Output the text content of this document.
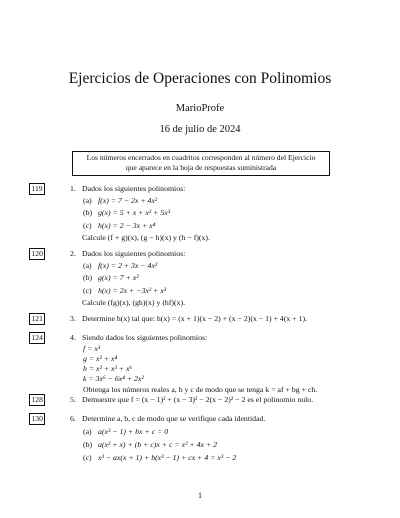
Ejercicios de Operaciones con Polinomios
MarioProfe
16 de julio de 2024
Los números encerrados en cuadritos corresponden al número del Ejercicio
que aparece en la hoja de respuestas suministrada
119	1. Dados los siguientes polinomios:
(a) f(x) = 7 − 2x + 4x²
(b) g(x) = 5 + x + x² + 5x³
(c) h(x) = 2 − 3x + x⁴
Calcule (f + g)(x), (g − h)(x) y (h − f)(x).
120	2. Dados los siguientes polinomios:
(a) f(x) = 2 + 3x − 4x²
(b) g(x) = 7 + x²
(c) h(x) = 2x + −3x² + x³
Calcule (fg)(x), (gh)(x) y (hf)(x).
121	3. Determine h(x) tal que: h(x) = (x + 1)(x − 2) + (x − 2)(x − 1) + 4(x + 1).
124	4. Siendo dados los siguientes polinomios:
f = x³
g = x² + x⁴
h = x² + x³ + x⁶
k = 3x⁶ − 6x⁴ + 2x²
Obtenga los números reales a, b y c de modo que se tenga k = af + bg + ch.
128	5. Demuestre que f = (x − 1)² + (x − 3)² − 2(x − 2)² − 2 es el polinomio nulo.
130	6. Determine a, b, c de modo que se verifique cada identidad.
(a) a(x³ − 1) + bx + c = 0
(b) a(x² + x) + (b + c)x + c = x² + 4x + 2
(c) x³ − ax(x + 1) + b(x³ − 1) + cx + 4 = x³ − 2
1
